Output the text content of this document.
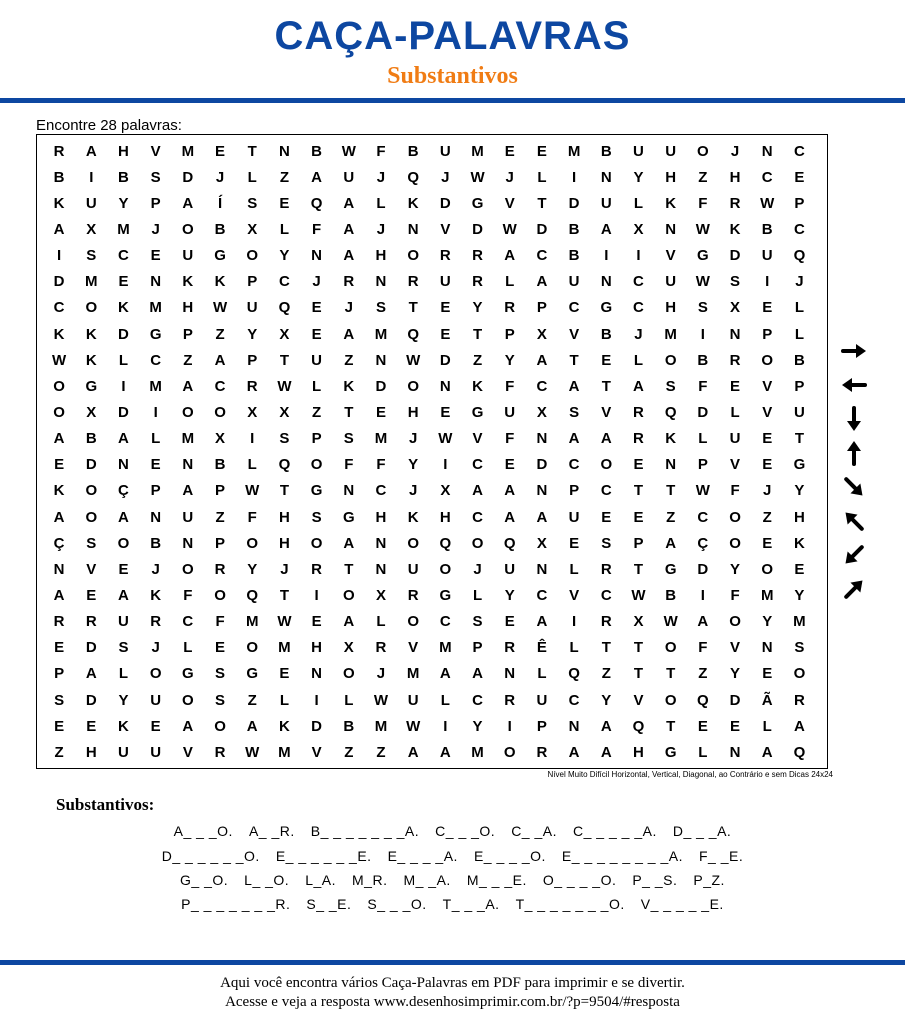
CAÇA-PALAVRAS
Substantivos
Encontre 28 palavras:
R	A	H	V	M	E	T	N	B	W	F	B	U	M	E	E	M	B	U	U	O	J	N	C
B	I	B	S	D	J	L	Z	A	U	J	Q	J	W	J	L	I	N	Y	H	Z	H	C	E
K	U	Y	P	A	Í	S	E	Q	A	L	K	D	G	V	T	D	U	L	K	F	R	W	P
A	X	M	J	O	B	X	L	F	A	J	N	V	D	W	D	B	A	X	N	W	K	B	C
I	S	C	E	U	G	O	Y	N	A	H	O	R	R	A	C	B	I	I	V	G	D	U	Q
D	M	E	N	K	K	P	C	J	R	N	R	U	R	L	A	U	N	C	U	W	S	I	J
C	O	K	M	H	W	U	Q	E	J	S	T	E	Y	R	P	C	G	C	H	S	X	E	L
K	K	D	G	P	Z	Y	X	E	A	M	Q	E	T	P	X	V	B	J	M	I	N	P	L
W	K	L	C	Z	A	P	T	U	Z	N	W	D	Z	Y	A	T	E	L	O	B	R	O	B
O	G	I	M	A	C	R	W	L	K	D	O	N	K	F	C	A	T	A	S	F	E	V	P
O	X	D	I	O	O	X	X	Z	T	E	H	E	G	U	X	S	V	R	Q	D	L	V	U
A	B	A	L	M	X	I	S	P	S	M	J	W	V	F	N	A	A	R	K	L	U	E	T
E	D	N	E	N	B	L	Q	O	F	F	Y	I	C	E	D	C	O	E	N	P	V	E	G
K	O	Ç	P	A	P	W	T	G	N	C	J	X	A	A	N	P	C	T	T	W	F	J	Y
A	O	A	N	U	Z	F	H	S	G	H	K	H	C	A	A	U	E	E	Z	C	O	Z	H
Ç	S	O	B	N	P	O	H	O	A	N	O	Q	O	Q	X	E	S	P	A	Ç	O	E	K
N	V	E	J	O	R	Y	J	R	T	N	U	O	J	U	N	L	R	T	G	D	Y	O	E
A	E	A	K	F	O	Q	T	I	O	X	R	G	L	Y	C	V	C	W	B	I	F	M	Y
R	R	U	R	C	F	M	W	E	A	L	O	C	S	E	A	I	R	X	W	A	O	Y	M
E	D	S	J	L	E	O	M	H	X	R	V	M	P	R	Ê	L	T	T	O	F	V	N	S
P	A	L	O	G	S	G	E	N	O	J	M	A	A	N	L	Q	Z	T	T	Z	Y	E	O
S	D	Y	U	O	S	Z	L	I	L	W	U	L	C	R	U	C	Y	V	O	Q	D	Ã	R
E	E	K	E	A	O	A	K	D	B	M	W	I	Y	I	P	N	A	Q	T	E	E	L	A
Z	H	U	U	V	R	W	M	V	Z	Z	A	A	M	O	R	A	A	H	G	L	N	A	Q
Nível Muito Difícil Horizontal, Vertical, Diagonal, ao Contrário e sem Dicas 24x24
Substantivos:
A_ _ _O. A_ _R. B_ _ _ _ _ _ _A. C_ _ _O. C_ _A. C_ _ _ _ _A. D_ _ _A.
D_ _ _ _ _ _O. E_ _ _ _ _ _E. E_ _ _ _A. E_ _ _ _O. E_ _ _ _ _ _ _ _A. F_ _E.
G_ _O. L_ _O. L_A. M_R. M_ _A. M_ _ _E. O_ _ _ _O. P_ _S. P_Z.
P_ _ _ _ _ _ _R. S_ _E. S_ _ _O. T_ _ _A. T_ _ _ _ _ _ _O. V_ _ _ _ _E.
Aqui você encontra vários Caça-Palavras em PDF para imprimir e se divertir.
Acesse e veja a resposta www.desenhosimprimir.com.br/?p=9504/#resposta
